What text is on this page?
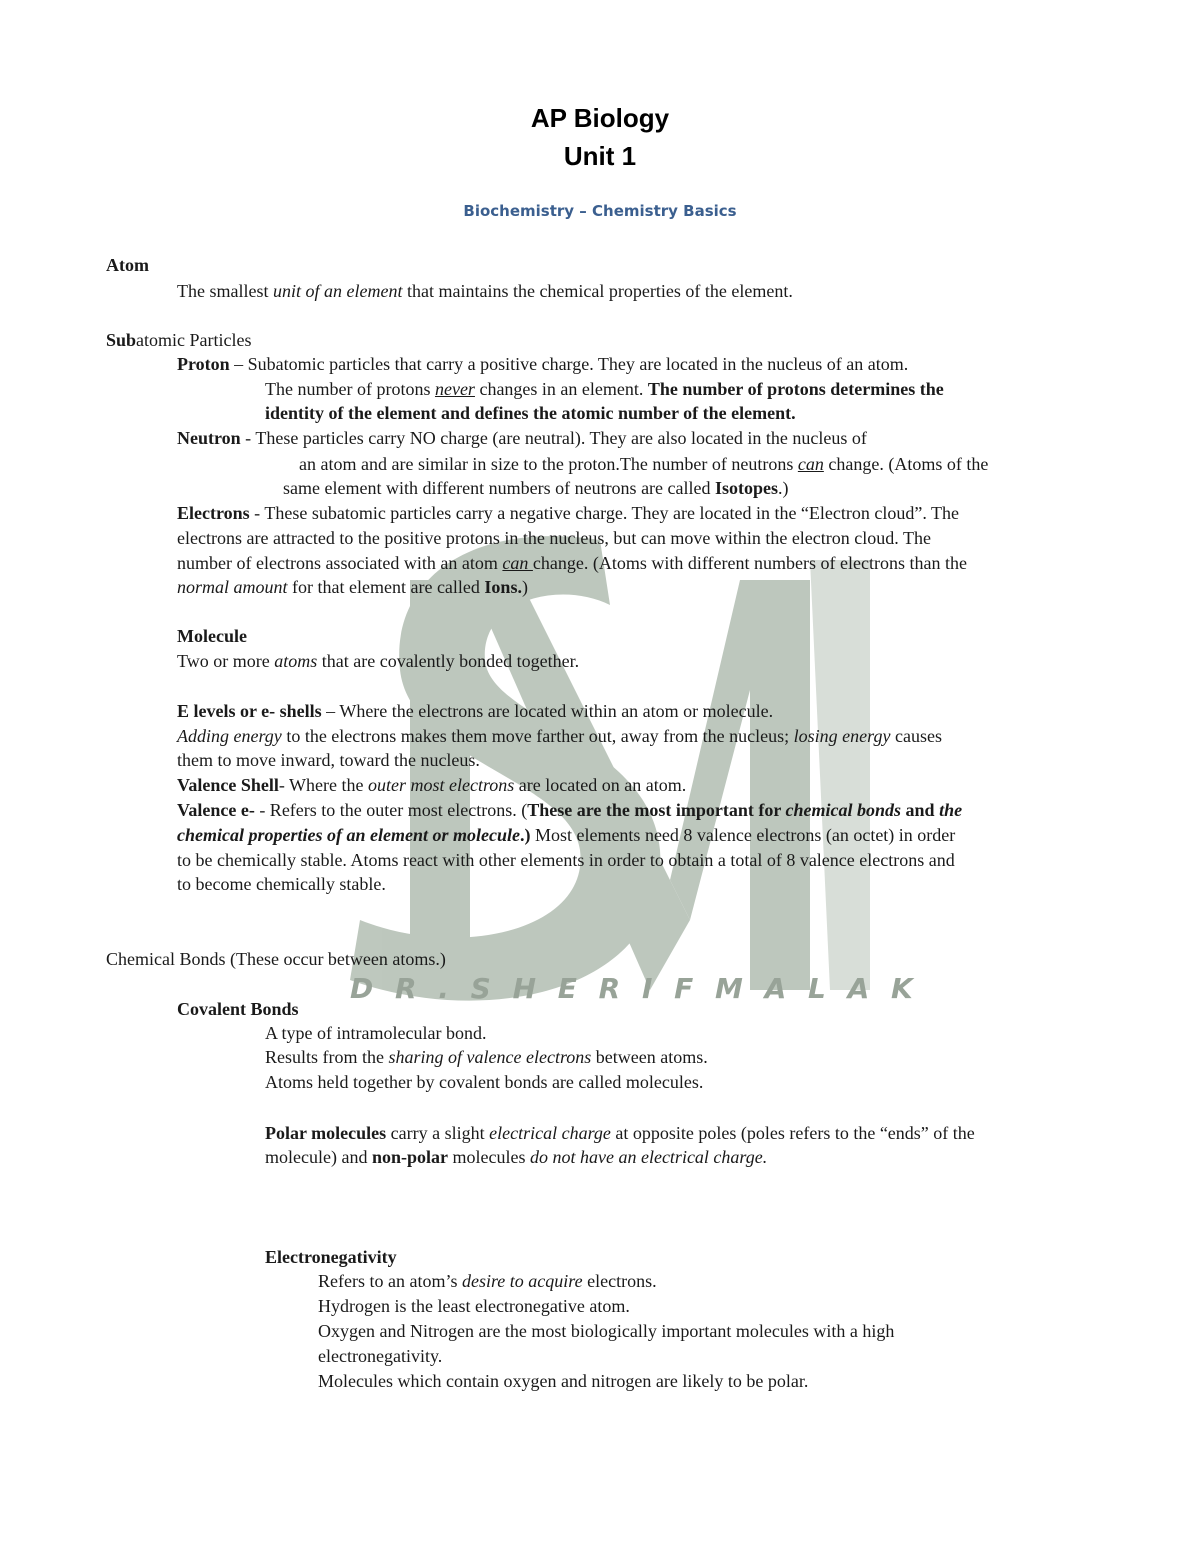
D R . S H E R I F M A L A K
AP Biology
Unit 1
Biochemistry – Chemistry Basics
Atom
The smallest unit of an element that maintains the chemical properties of the element.
Subatomic Particles
Proton – Subatomic particles that carry a positive charge. They are located in the nucleus of an atom.
The number of protons never changes in an element. The number of protons determines the
identity of the element and defines the atomic number of the element.
Neutron - These particles carry NO charge (are neutral). They are also located in the nucleus of
an atom and are similar in size to the proton.The number of neutrons can change. (Atoms of the
same element with different numbers of neutrons are called Isotopes.)
Electrons - These subatomic particles carry a negative charge. They are located in the “Electron cloud”. The
electrons are attracted to the positive protons in the nucleus, but can move within the electron cloud. The
number of electrons associated with an atom can change. (Atoms with different numbers of electrons than the
normal amount for that element are called Ions.)
Molecule
Two or more atoms that are covalently bonded together.
E levels or e- shells – Where the electrons are located within an atom or molecule.
Adding energy to the electrons makes them move farther out, away from the nucleus; losing energy causes
them to move inward, toward the nucleus.
Valence Shell- Where the outer most electrons are located on an atom.
Valence e- - Refers to the outer most electrons. (These are the most important for chemical bonds and the
chemical properties of an element or molecule.) Most elements need 8 valence electrons (an octet) in order
to be chemically stable. Atoms react with other elements in order to obtain a total of 8 valence electrons and
to become chemically stable.
Chemical Bonds (These occur between atoms.)
Covalent Bonds
A type of intramolecular bond.
Results from the sharing of valence electrons between atoms.
Atoms held together by covalent bonds are called molecules.
Polar molecules carry a slight electrical charge at opposite poles (poles refers to the “ends” of the
molecule) and non-polar molecules do not have an electrical charge.
Electronegativity
Refers to an atom’s desire to acquire electrons.
Hydrogen is the least electronegative atom.
Oxygen and Nitrogen are the most biologically important molecules with a high
electronegativity.
Molecules which contain oxygen and nitrogen are likely to be polar.
